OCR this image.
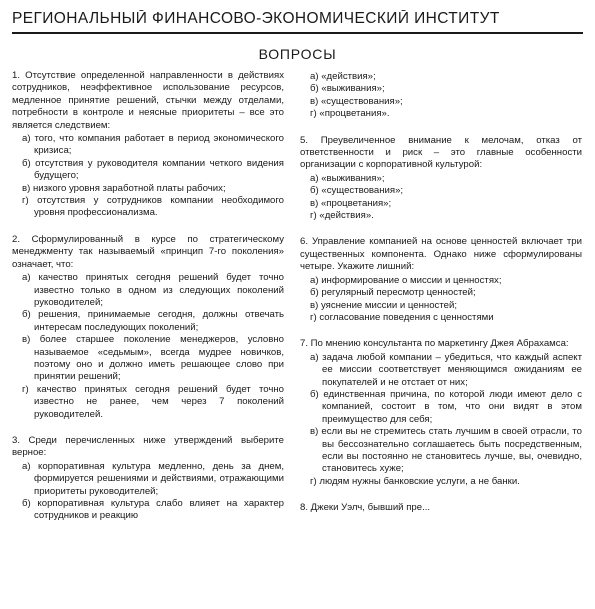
РЕГИОНАЛЬНЫЙ ФИНАНСОВО-ЭКОНОМИЧЕСКИЙ ИНСТИТУТ
ВОПРОСЫ
1. Отсутствие определенной направленности в действиях сотрудников, неэффективное использование ресурсов, медленное принятие решений, стычки между отделами, потребности в контроле и неясные приоритеты – все это является следствием:
а) того, что компания работает в период экономического кризиса;
б) отсутствия у руководителя компании четкого видения будущего;
в) низкого уровня заработной платы рабочих;
г) отсутствия у сотрудников компании необходимого уровня профессионализма.
2. Сформулированный в курсе по стратегическому менеджменту так называемый «принцип 7-го поколения» означает, что:
а) качество принятых сегодня решений будет точно известно только в одном из следующих поколений руководителей;
б) решения, принимаемые сегодня, должны отвечать интересам последующих поколений;
в) более старшее поколение менеджеров, условно называемое «седьмым», всегда мудрее новичков, поэтому оно и должно иметь решающее слово при принятии решений;
г) качество принятых сегодня решений будет точно известно не ранее, чем через 7 поколений руководителей.
3. Среди перечисленных ниже утверждений выберите верное:
а) корпоративная культура медленно, день за днем, формируется решениями и действиями, отражающими приоритеты руководителей;
б) корпоративная культура слабо влияет на характер сотрудников и реакцию
а) «действия»;
б) «выживания»;
в) «существования»;
г) «процветания».
5. Преувеличенное внимание к мелочам, отказ от ответственности и риск – это главные особенности организации с корпоративной культурой:
а) «выживания»;
б) «существования»;
в) «процветания»;
г) «действия».
6. Управление компанией на основе ценностей включает три существенных компонента. Однако ниже сформулированы четыре. Укажите лишний:
а) информирование о миссии и ценностях;
б) регулярный пересмотр ценностей;
в) уяснение миссии и ценностей;
г) согласование поведения с ценностями
7. По мнению консультанта по маркетингу Джея Абрахамса:
а) задача любой компании – убедиться, что каждый аспект ее миссии соответствует меняющимся ожиданиям ее покупателей и не отстает от них;
б) единственная причина, по которой люди имеют дело с компанией, состоит в том, что они видят в этом преимущество для себя;
в) если вы не стремитесь стать лучшим в своей отрасли, то вы бессознательно соглашаетесь быть посредственным, если вы постоянно не становитесь лучше, вы, очевидно, становитесь хуже;
г) людям нужны банковские услуги, а не банки.
8. Джеки Уэлч, бывший пре...
